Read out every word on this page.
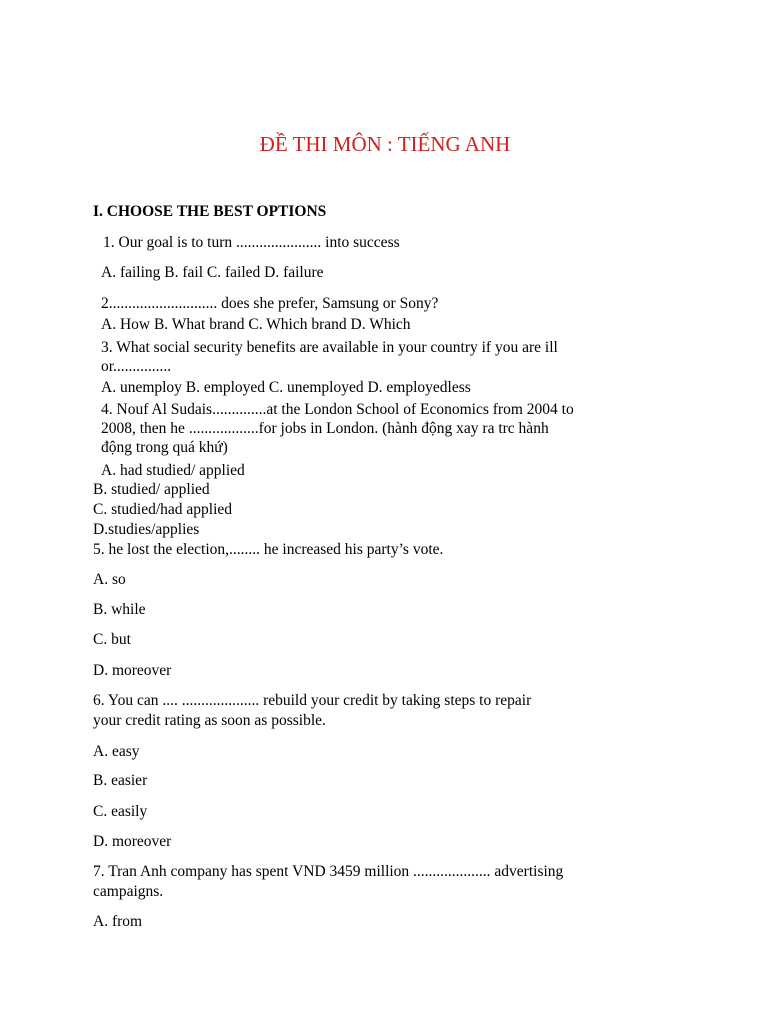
ĐỀ THI MÔN : TIẾNG ANH
I. CHOOSE THE BEST OPTIONS
1. Our goal is to turn ...................... into success
A. failing B. fail C. failed D. failure
2............................ does she prefer, Samsung or Sony?
A. How B. What brand C. Which brand D. Which
3. What social security benefits are available in your country if you are ill
or...............
A. unemploy B. employed C. unemployed D. employedless
4. Nouf Al Sudais..............at the London School of Economics from 2004 to
2008, then he ..................for jobs in London. (hành động xay ra trc hành
động trong quá khứ)
A. had studied/ applied
B. studied/ applied
C. studied/had applied
D.studies/applies
5. he lost the election,........ he increased his party’s vote.
A. so
B. while
C. but
D. moreover
6. You can .... .................... rebuild your credit by taking steps to repair
your credit rating as soon as possible.
A. easy
B. easier
C. easily
D. moreover
7. Tran Anh company has spent VND 3459 million .................... advertising
campaigns.
A. from
